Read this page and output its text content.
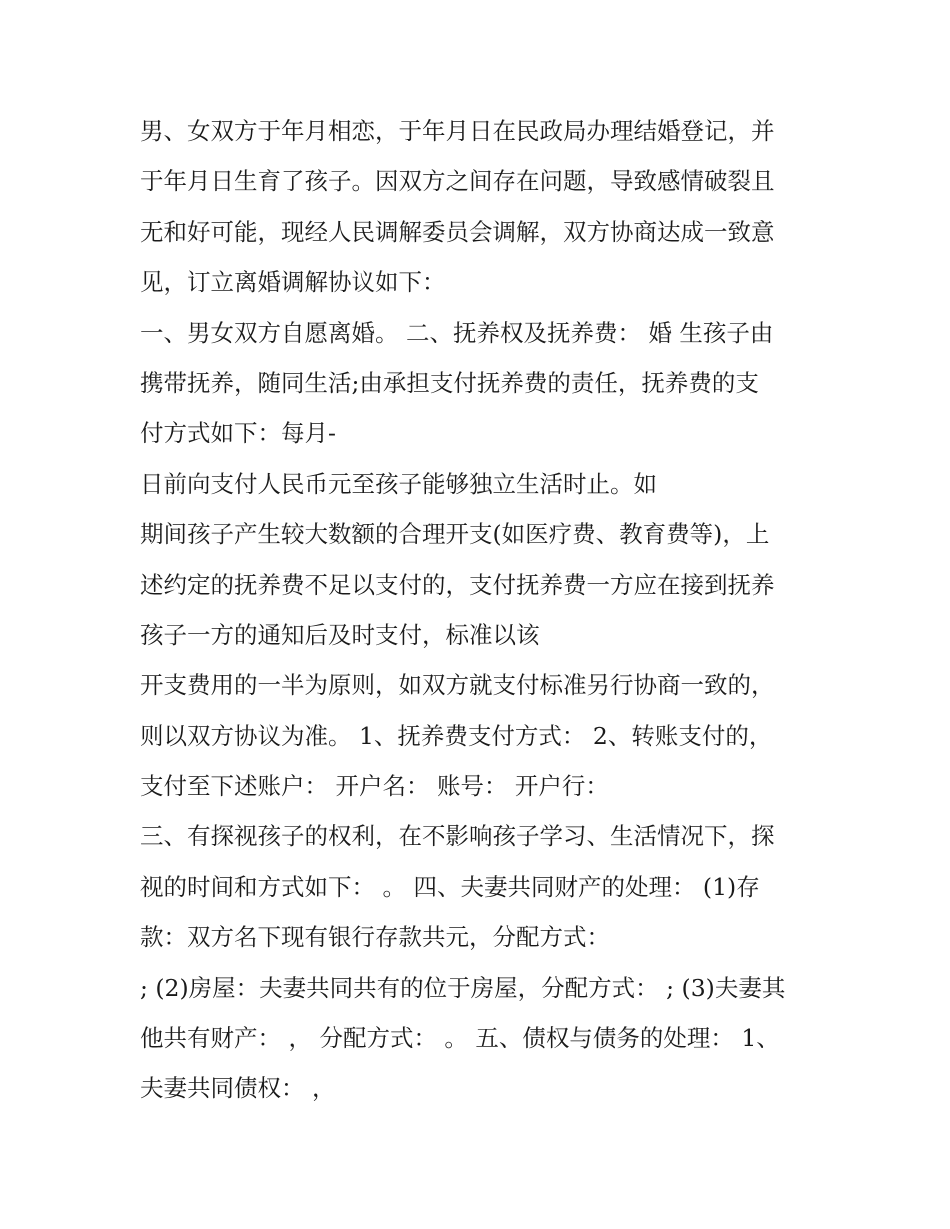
男、女双方于年月相恋，于年月日在民政局办理结婚登记，并
于年月日生育了孩子。因双方之间存在问题，导致感情破裂且
无和好可能，现经人民调解委员会调解，双方协商达成一致意
见，订立离婚调解协议如下：
一、男女双方自愿离婚。 二、抚养权及抚养费： 婚 生孩子由
携带抚养，随同生活;由承担支付抚养费的责任，抚养费的支
付方式如下：每月-
日前向支付人民币元至孩子能够独立生活时止。如
期间孩子产生较大数额的合理开支(如医疗费、教育费等)，上
述约定的抚养费不足以支付的，支付抚养费一方应在接到抚养
孩子一方的通知后及时支付，标准以该
开支费用的一半为原则，如双方就支付标准另行协商一致的，
则以双方协议为准。 1、抚养费支付方式： 2、转账支付的，
支付至下述账户： 开户名： 账号： 开户行：
三、有探视孩子的权利，在不影响孩子学习、生活情况下，探
视的时间和方式如下： 。 四、夫妻共同财产的处理： (1)存
款：双方名下现有银行存款共元，分配方式：
; (2)房屋：夫妻共同共有的位于房屋，分配方式： ; (3)夫妻其
他共有财产： ， 分配方式： 。 五、债权与债务的处理： 1、
夫妻共同债权： ，
